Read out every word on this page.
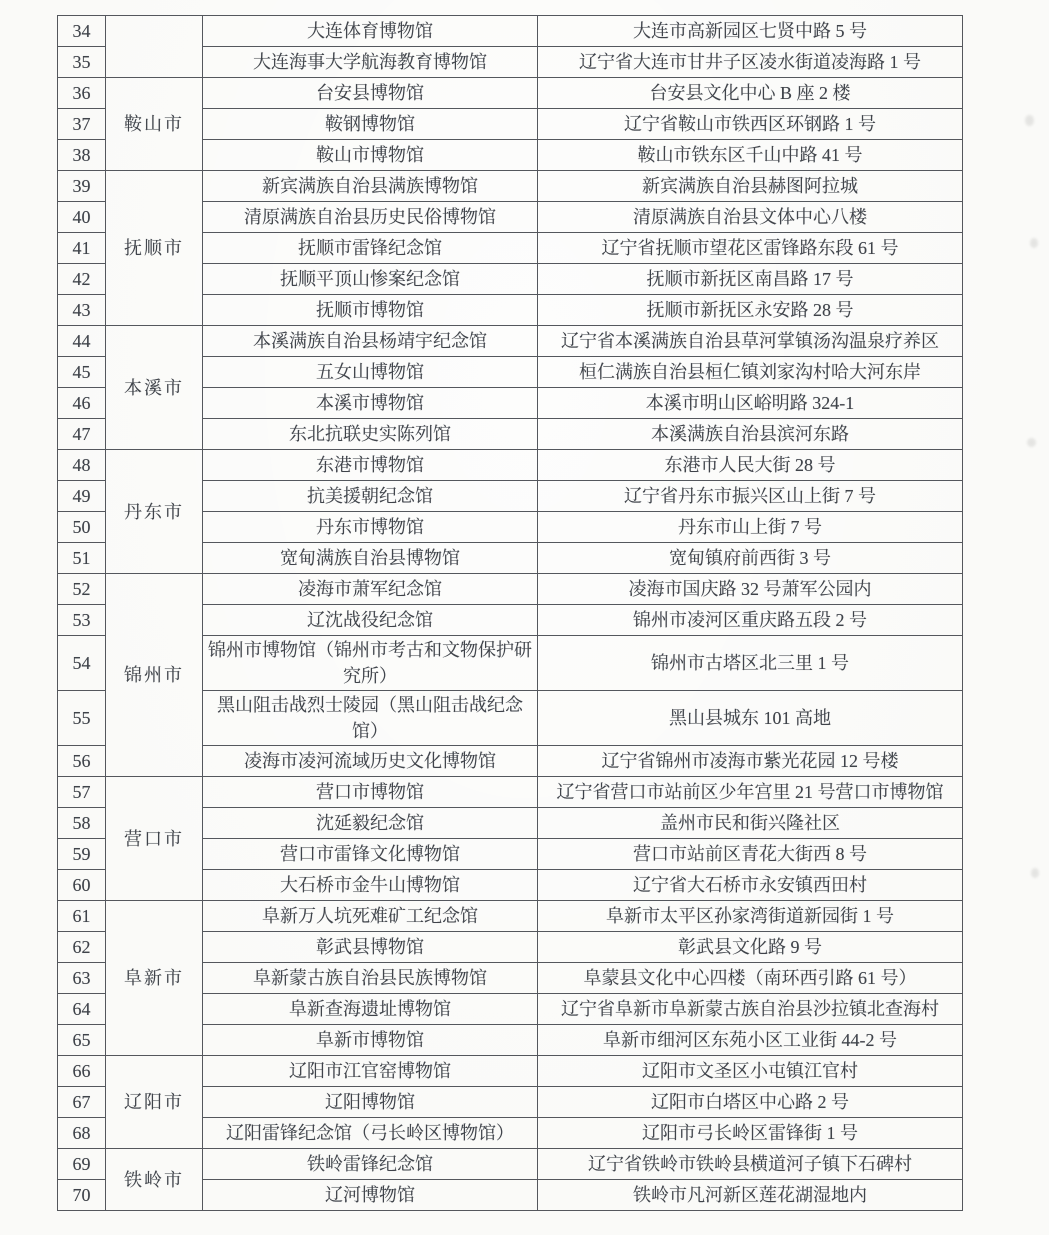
34		大连体育博物馆	大连市高新园区七贤中路 5 号
35		大连海事大学航海教育博物馆	辽宁省大连市甘井子区凌水街道凌海路 1 号
36	鞍山市	台安县博物馆	台安县文化中心 B 座 2 楼
37		鞍钢博物馆	辽宁省鞍山市铁西区环钢路 1 号
38		鞍山市博物馆	鞍山市铁东区千山中路 41 号
39	抚顺市	新宾满族自治县满族博物馆	新宾满族自治县赫图阿拉城
40		清原满族自治县历史民俗博物馆	清原满族自治县文体中心八楼
41		抚顺市雷锋纪念馆	辽宁省抚顺市望花区雷锋路东段 61 号
42		抚顺平顶山惨案纪念馆	抚顺市新抚区南昌路 17 号
43		抚顺市博物馆	抚顺市新抚区永安路 28 号
44	本溪市	本溪满族自治县杨靖宇纪念馆	辽宁省本溪满族自治县草河掌镇汤沟温泉疗养区
45		五女山博物馆	桓仁满族自治县桓仁镇刘家沟村哈大河东岸
46		本溪市博物馆	本溪市明山区峪明路 324-1
47		东北抗联史实陈列馆	本溪满族自治县滨河东路
48	丹东市	东港市博物馆	东港市人民大街 28 号
49		抗美援朝纪念馆	辽宁省丹东市振兴区山上街 7 号
50		丹东市博物馆	丹东市山上街 7 号
51		宽甸满族自治县博物馆	宽甸镇府前西街 3 号
52	锦州市	凌海市萧军纪念馆	凌海市国庆路 32 号萧军公园内
53		辽沈战役纪念馆	锦州市凌河区重庆路五段 2 号
54		锦州市博物馆（锦州市考古和文物保护研究所）	锦州市古塔区北三里 1 号
55		黑山阻击战烈士陵园（黑山阻击战纪念馆）	黑山县城东 101 高地
56		凌海市凌河流域历史文化博物馆	辽宁省锦州市凌海市紫光花园 12 号楼
57	营口市	营口市博物馆	辽宁省营口市站前区少年宫里 21 号营口市博物馆
58		沈延毅纪念馆	盖州市民和街兴隆社区
59		营口市雷锋文化博物馆	营口市站前区青花大街西 8 号
60		大石桥市金牛山博物馆	辽宁省大石桥市永安镇西田村
61	阜新市	阜新万人坑死难矿工纪念馆	阜新市太平区孙家湾街道新园街 1 号
62		彰武县博物馆	彰武县文化路 9 号
63		阜新蒙古族自治县民族博物馆	阜蒙县文化中心四楼（南环西引路 61 号）
64		阜新查海遗址博物馆	辽宁省阜新市阜新蒙古族自治县沙拉镇北查海村
65		阜新市博物馆	阜新市细河区东苑小区工业街 44-2 号
66	辽阳市	辽阳市江官窑博物馆	辽阳市文圣区小屯镇江官村
67		辽阳博物馆	辽阳市白塔区中心路 2 号
68		辽阳雷锋纪念馆（弓长岭区博物馆）	辽阳市弓长岭区雷锋街 1 号
69	铁岭市	铁岭雷锋纪念馆	辽宁省铁岭市铁岭县横道河子镇下石碑村
70		辽河博物馆	铁岭市凡河新区莲花湖湿地内
